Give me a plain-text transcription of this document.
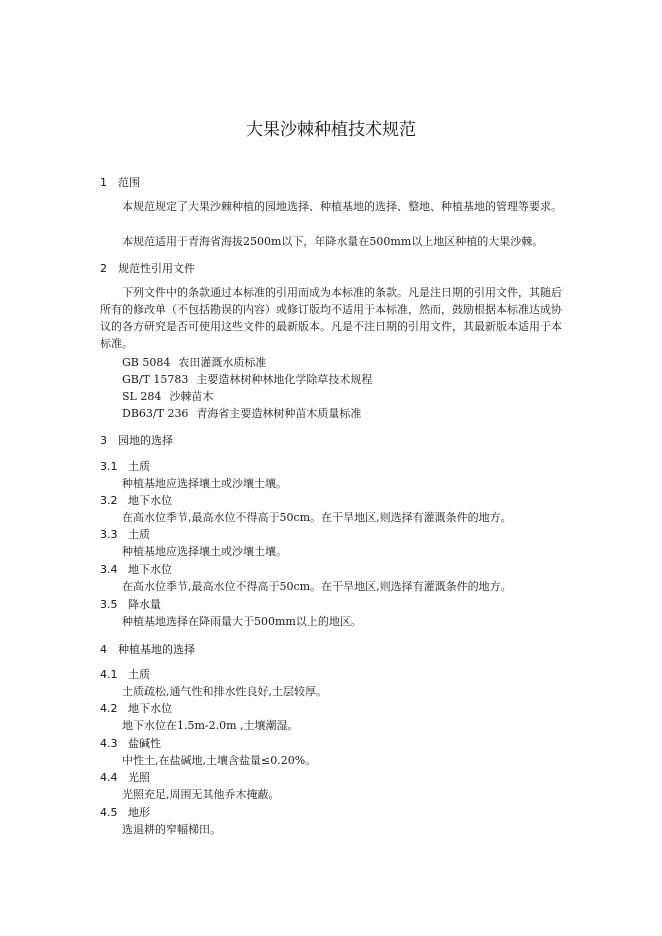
大果沙棘种植技术规范
1 范围
本规范规定了大果沙棘种植的园地选择、种植基地的选择、整地、种植基地的管理等要求。
本规范适用于青海省海拔2500m以下，年降水量在500mm以上地区种植的大果沙棘。
2 规范性引用文件
下列文件中的条款通过本标准的引用而成为本标准的条款。凡是注日期的引用文件，其随后所有的修改单（不包括勘误的内容）或修订版均不适用于本标准，然而，鼓励根据本标准达成协议的各方研究是否可使用这些文件的最新版本。凡是不注日期的引用文件，其最新版本适用于本标准。
GB 5084 农田灌溉水质标准
GB/T 15783 主要造林树种林地化学除草技术规程
SL 284 沙棘苗木
DB63/T 236 青海省主要造林树种苗木质量标准
3 园地的选择
3.1 土质
种植基地应选择壤土或沙壤土壤。
3.2 地下水位
在高水位季节,最高水位不得高于50cm。在干旱地区,则选择有灌溉条件的地方。
3.3 土质
种植基地应选择壤土或沙壤土壤。
3.4 地下水位
在高水位季节,最高水位不得高于50cm。在干旱地区,则选择有灌溉条件的地方。
3.5 降水量
种植基地选择在降雨量大于500mm以上的地区。
4 种植基地的选择
4.1 土质
土质疏松,通气性和排水性良好,土层较厚。
4.2 地下水位
地下水位在1.5m-2.0m ,土壤潮湿。
4.3 盐碱性
中性土,在盐碱地,土壤含盐量≤0.20%。
4.4 光照
光照充足,周围无其他乔木掩蔽。
4.5 地形
选退耕的窄幅梯田。
